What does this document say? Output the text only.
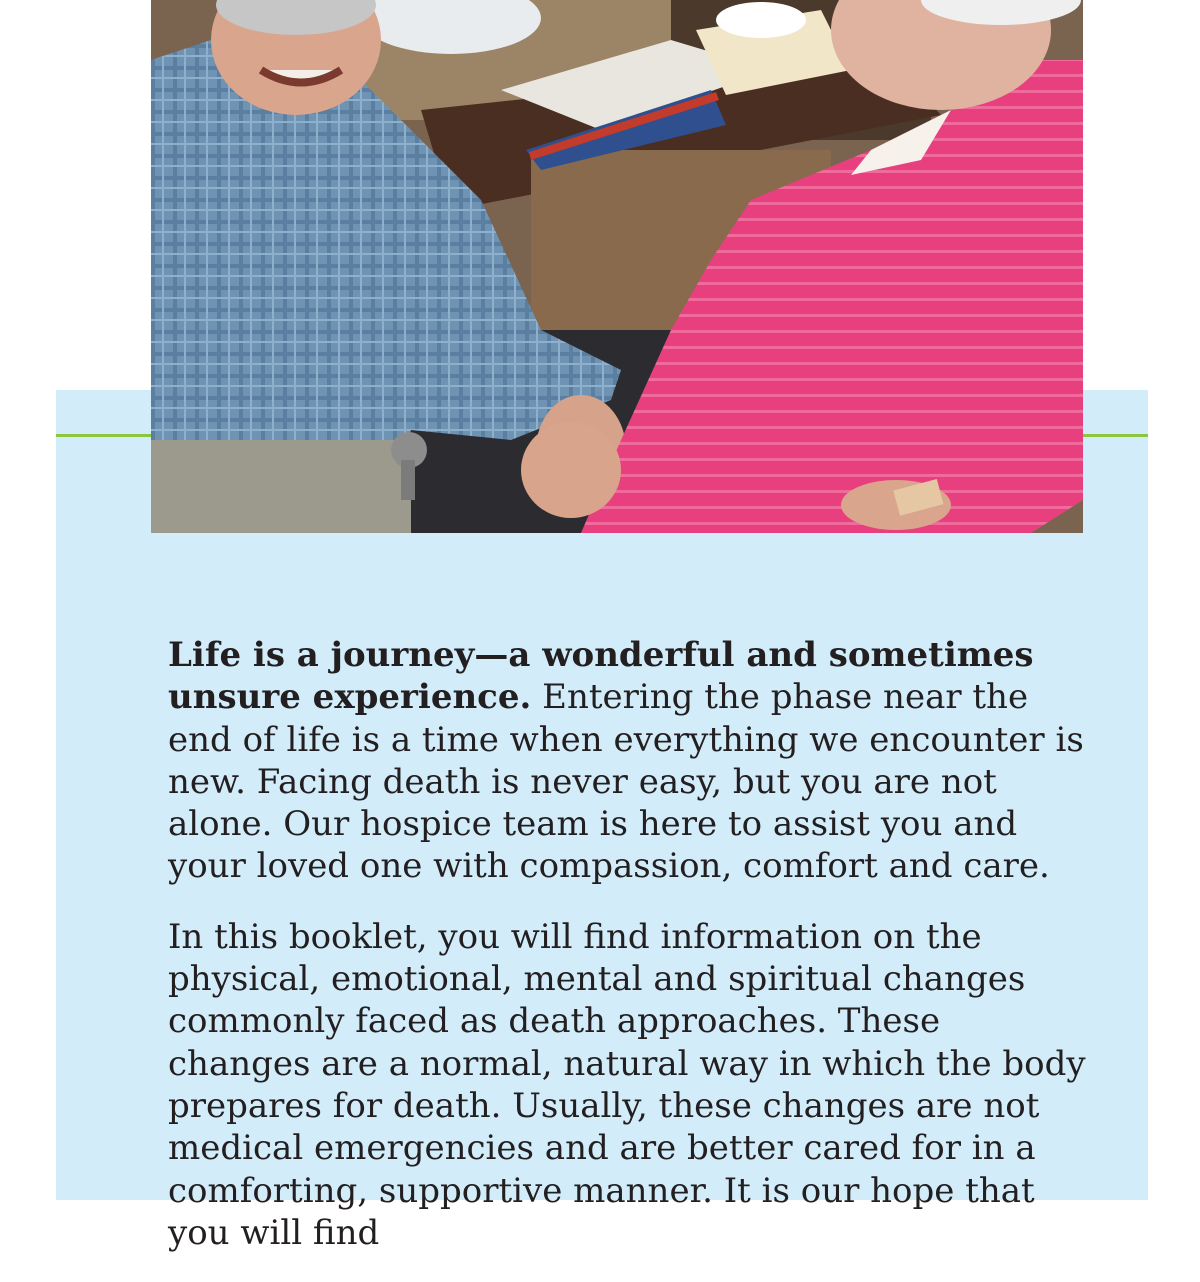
Life is a journey—a wonderful and sometimes unsure experience. Entering the phase near the end of life is a time when everything we encounter is new. Facing death is never easy, but you are not alone. Our hospice team is here to assist you and your loved one with compassion, comfort and care.

In this booklet, you will find information on the physical, emotional, mental and spiritual changes commonly faced as death approaches. These changes are a normal, natural way in which the body prepares for death. Usually, these changes are not medical emergencies and are better cared for in a comforting, supportive manner. It is our hope that you will find
